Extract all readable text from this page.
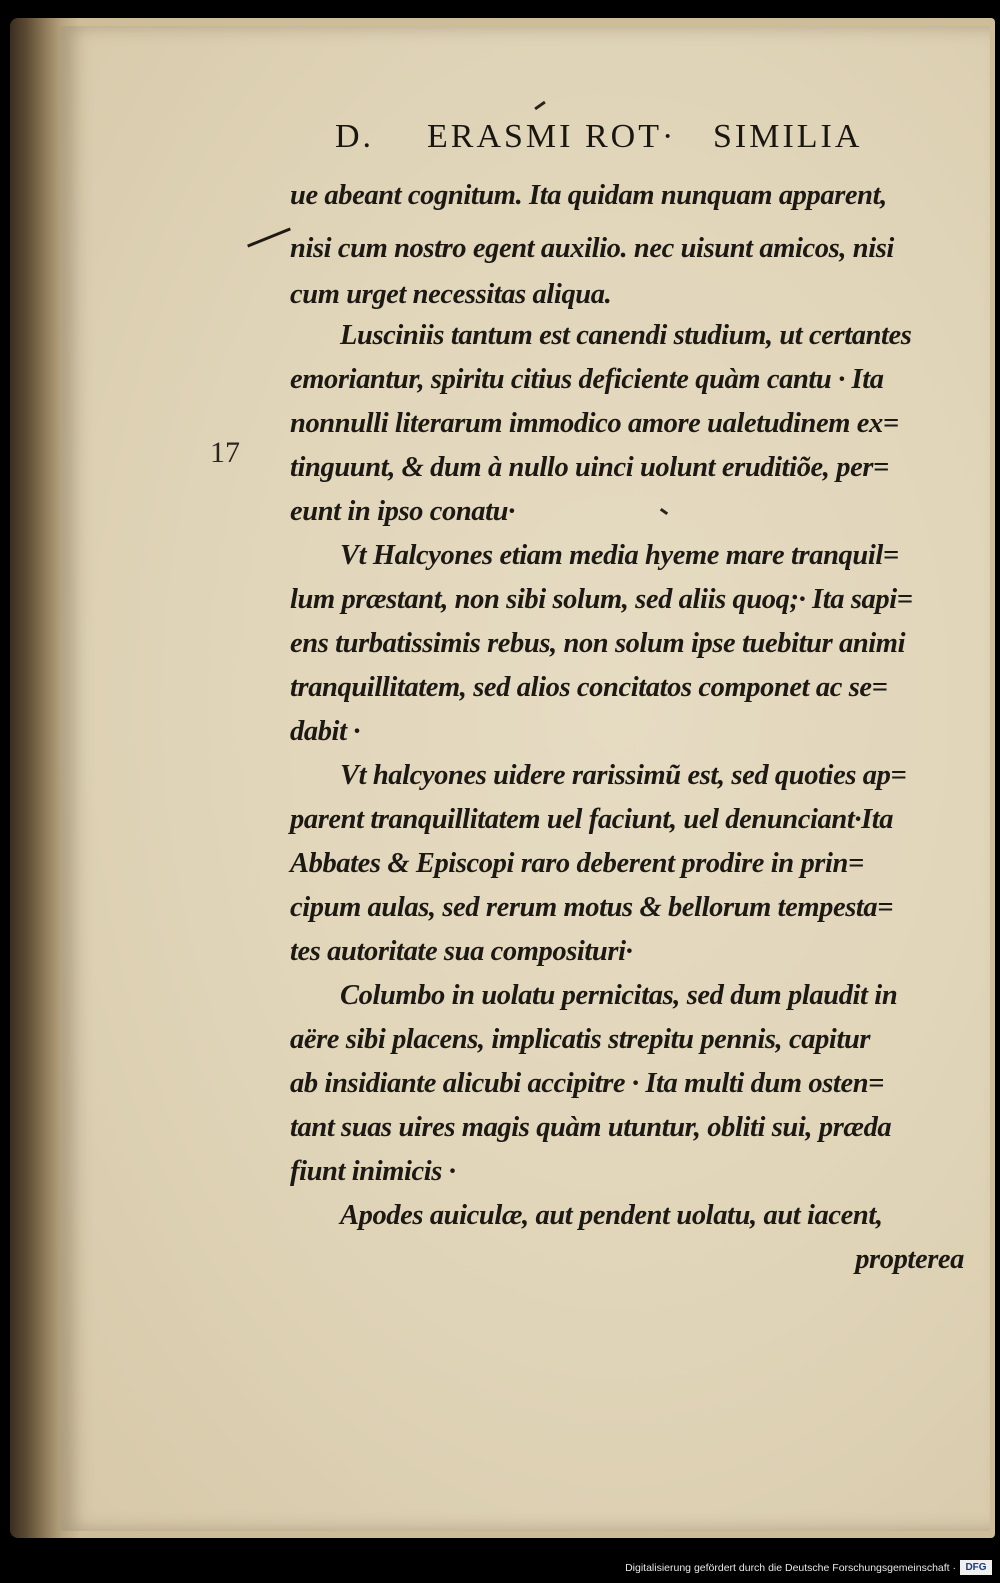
D. ERASMI ROT· SIMILIA
17
ue abeant cognitum. Ita quidam nunquam apparent,
nisi cum nostro egent auxilio. nec uisunt amicos, nisi
cum urget necessitas aliqua.
Lusciniis tantum est canendi studium, ut certantes
emoriantur, spiritu citius deficiente quàm cantu · Ita
nonnulli literarum immodico amore ualetudinem ex=
tinguunt, & dum à nullo uinci uolunt eruditiõe, per=
eunt in ipso conatu·
Vt Halcyones etiam media hyeme mare tranquil=
lum præstant, non sibi solum, sed aliis quoq;· Ita sapi=
ens turbatissimis rebus, non solum ipse tuebitur animi
tranquillitatem, sed alios concitatos componet ac se=
dabit ·
Vt halcyones uidere rarissimũ est, sed quoties ap=
parent tranquillitatem uel faciunt, uel denunciant·Ita
Abbates & Episcopi raro deberent prodire in prin=
cipum aulas, sed rerum motus & bellorum tempesta=
tes autoritate sua composituri·
Columbo in uolatu pernicitas, sed dum plaudit in
aëre sibi placens, implicatis strepitu pennis, capitur
ab insidiante alicubi accipitre · Ita multi dum osten=
tant suas uires magis quàm utuntur, obliti sui, præda
fiunt inimicis ·
Apodes auiculæ, aut pendent uolatu, aut iacent,
propterea
Digitalisierung gefördert durch die Deutsche Forschungsgemeinschaft · DFG
